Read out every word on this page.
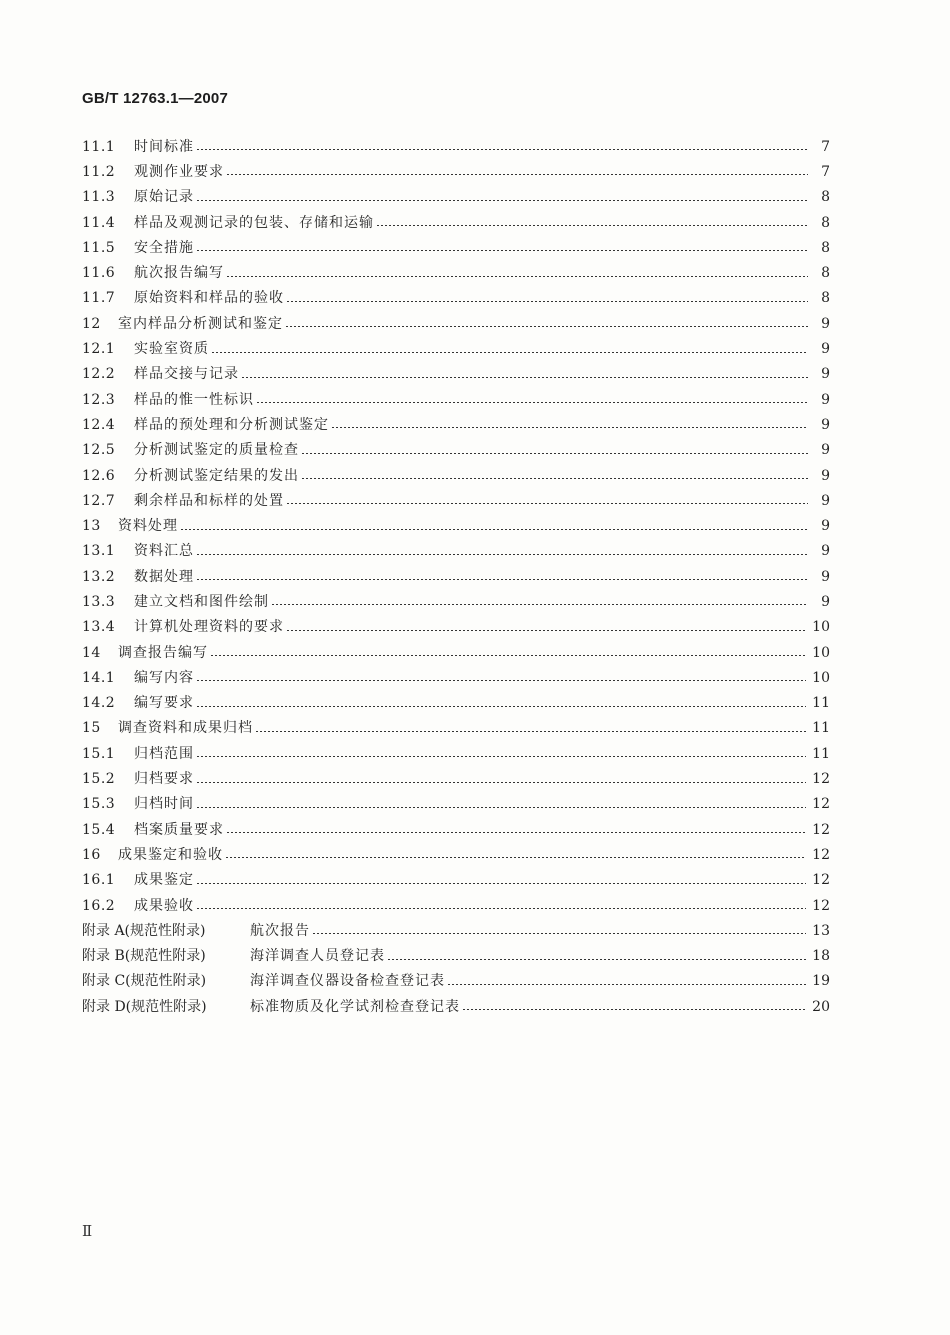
GB/T 12763.1—2007
11.1	时间标准	7
11.2	观测作业要求	7
11.3	原始记录	8
11.4	样品及观测记录的包装、存储和运输	8
11.5	安全措施	8
11.6	航次报告编写	8
11.7	原始资料和样品的验收	8
12	室内样品分析测试和鉴定	9
12.1	实验室资质	9
12.2	样品交接与记录	9
12.3	样品的惟一性标识	9
12.4	样品的预处理和分析测试鉴定	9
12.5	分析测试鉴定的质量检查	9
12.6	分析测试鉴定结果的发出	9
12.7	剩余样品和标样的处置	9
13	资料处理	9
13.1	资料汇总	9
13.2	数据处理	9
13.3	建立文档和图件绘制	9
13.4	计算机处理资料的要求	10
14	调查报告编写	10
14.1	编写内容	10
14.2	编写要求	11
15	调查资料和成果归档	11
15.1	归档范围	11
15.2	归档要求	12
15.3	归档时间	12
15.4	档案质量要求	12
16	成果鉴定和验收	12
16.1	成果鉴定	12
16.2	成果验收	12
附录 A(规范性附录)	航次报告	13
附录 B(规范性附录)	海洋调查人员登记表	18
附录 C(规范性附录)	海洋调查仪器设备检查登记表	19
附录 D(规范性附录)	标准物质及化学试剂检查登记表	20
Ⅱ
